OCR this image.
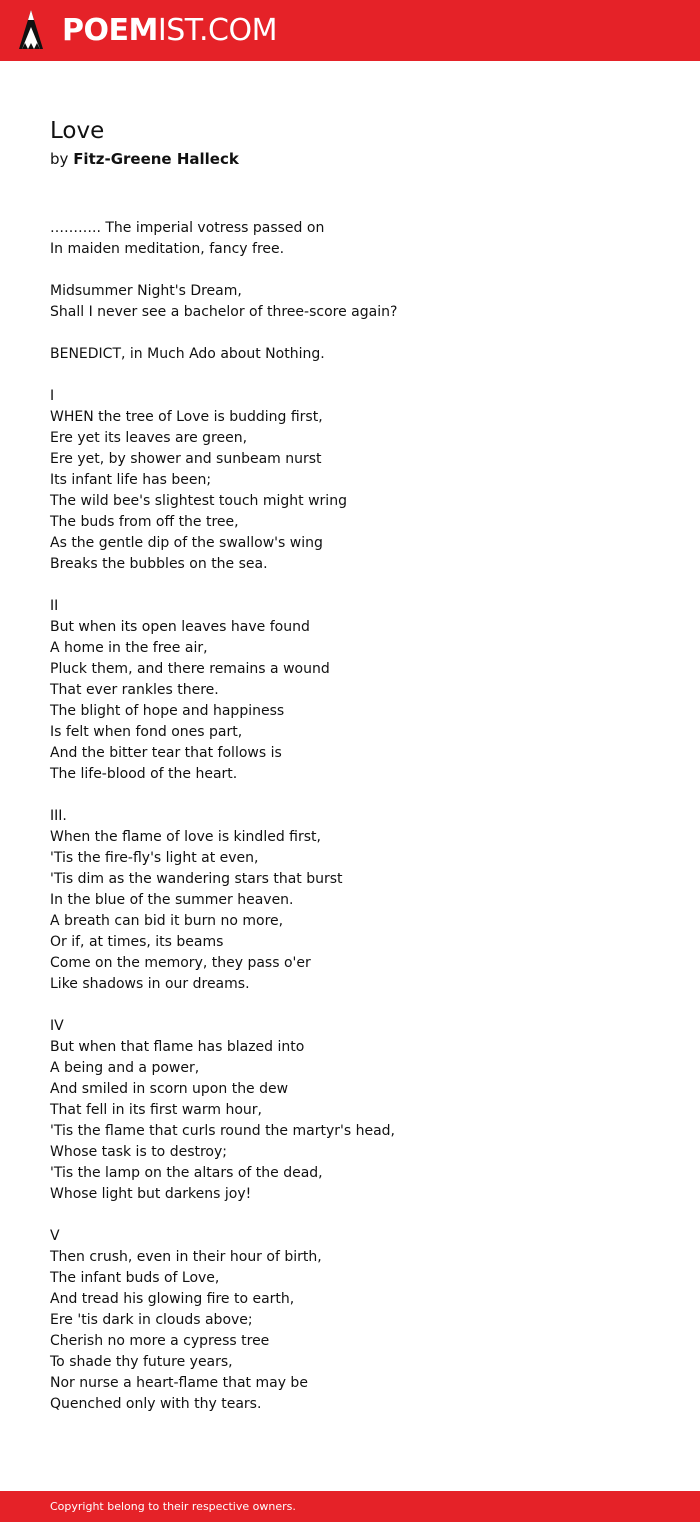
POEMIST.COM
Love
by Fitz-Greene Halleck
……….. The imperial votress passed on
In maiden meditation, fancy free.
Midsummer Night's Dream,
Shall I never see a bachelor of three-score again?
BENEDICT, in Much Ado about Nothing.
I
WHEN the tree of Love is budding first,
Ere yet its leaves are green,
Ere yet, by shower and sunbeam nurst
Its infant life has been;
The wild bee's slightest touch might wring
The buds from off the tree,
As the gentle dip of the swallow's wing
Breaks the bubbles on the sea.
II
But when its open leaves have found
A home in the free air,
Pluck them, and there remains a wound
That ever rankles there.
The blight of hope and happiness
Is felt when fond ones part,
And the bitter tear that follows is
The life-blood of the heart.
III.
When the flame of love is kindled first,
'Tis the fire-fly's light at even,
'Tis dim as the wandering stars that burst
In the blue of the summer heaven.
A breath can bid it burn no more,
Or if, at times, its beams
Come on the memory, they pass o'er
Like shadows in our dreams.
IV
But when that flame has blazed into
A being and a power,
And smiled in scorn upon the dew
That fell in its first warm hour,
'Tis the flame that curls round the martyr's head,
Whose task is to destroy;
'Tis the lamp on the altars of the dead,
Whose light but darkens joy!
V
Then crush, even in their hour of birth,
The infant buds of Love,
And tread his glowing fire to earth,
Ere 'tis dark in clouds above;
Cherish no more a cypress tree
To shade thy future years,
Nor nurse a heart-flame that may be
Quenched only with thy tears.
Copyright belong to their respective owners.
